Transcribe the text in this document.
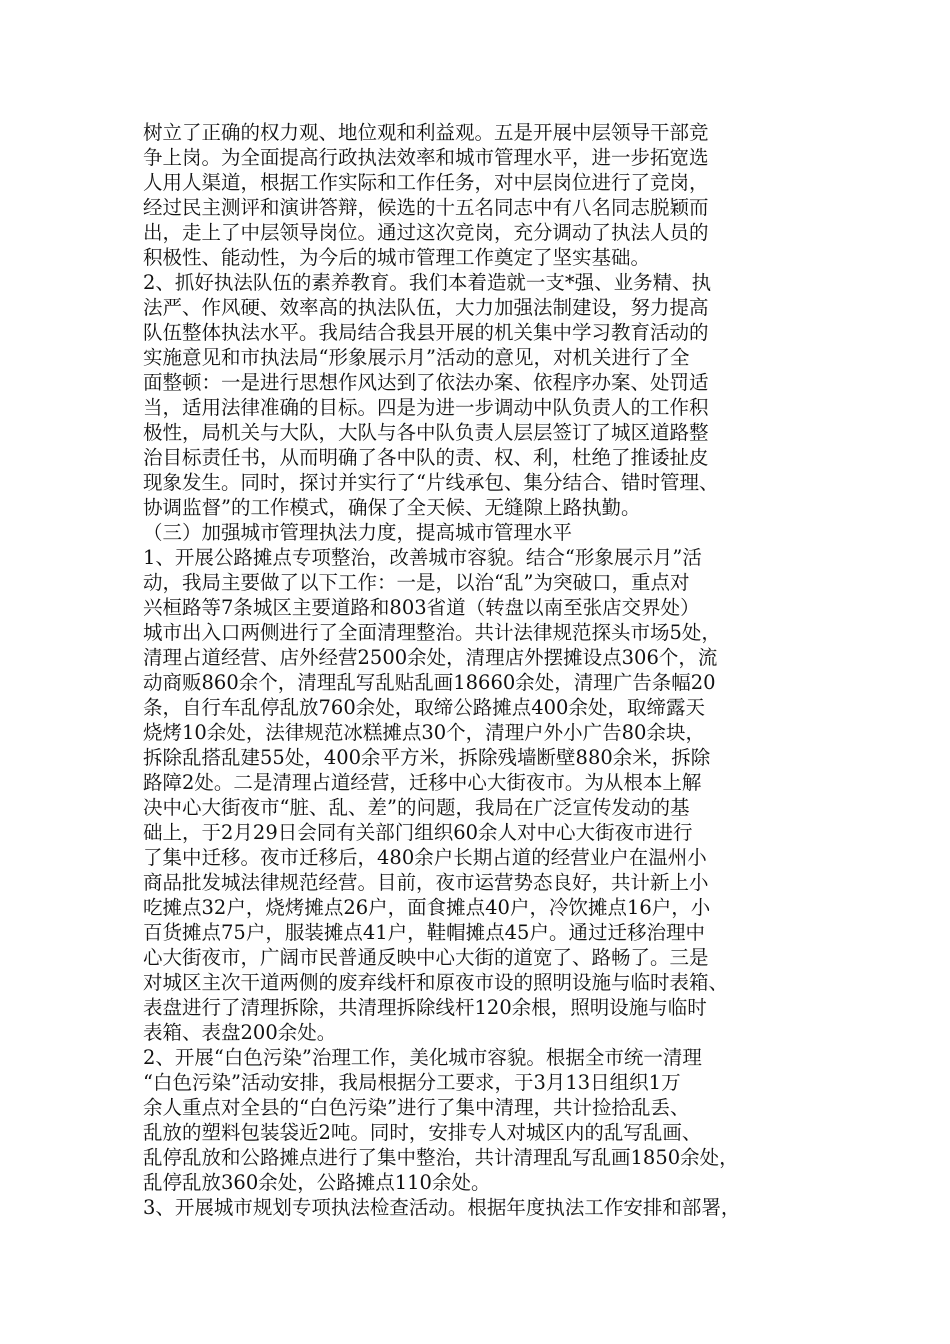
树立了正确的权力观、地位观和利益观。五是开展中层领导干部竞
争上岗。为全面提高行政执法效率和城市管理水平，进一步拓宽选
人用人渠道，根据工作实际和工作任务，对中层岗位进行了竞岗，
经过民主测评和演讲答辩，候选的十五名同志中有八名同志脱颖而
出，走上了中层领导岗位。通过这次竞岗，充分调动了执法人员的
积极性、能动性，为今后的城市管理工作奠定了坚实基础。
2、抓好执法队伍的素养教育。我们本着造就一支*强、业务精、执
法严、作风硬、效率高的执法队伍，大力加强法制建设，努力提高
队伍整体执法水平。我局结合我县开展的机关集中学习教育活动的
实施意见和市执法局“形象展示月”活动的意见，对机关进行了全
面整顿：一是进行思想作风达到了依法办案、依程序办案、处罚适
当，适用法律准确的目标。四是为进一步调动中队负责人的工作积
极性，局机关与大队，大队与各中队负责人层层签订了城区道路整
治目标责任书，从而明确了各中队的责、权、利，杜绝了推诿扯皮
现象发生。同时，探讨并实行了“片线承包、集分结合、错时管理、
协调监督”的工作模式，确保了全天候、无缝隙上路执勤。
（三）加强城市管理执法力度，提高城市管理水平
1、开展公路摊点专项整治，改善城市容貌。结合“形象展示月”活
动，我局主要做了以下工作：一是，以治“乱”为突破口，重点对
兴桓路等7条城区主要道路和803省道（转盘以南至张店交界处）
城市出入口两侧进行了全面清理整治。共计法律规范探头市场5处，
清理占道经营、店外经营2500余处，清理店外摆摊设点306个，流
动商贩860余个，清理乱写乱贴乱画18660余处，清理广告条幅20
条，自行车乱停乱放760余处，取缔公路摊点400余处，取缔露天
烧烤10余处，法律规范冰糕摊点30个，清理户外小广告80余块，
拆除乱搭乱建55处，400余平方米，拆除残墙断壁880余米，拆除
路障2处。二是清理占道经营，迁移中心大街夜市。为从根本上解
决中心大街夜市“脏、乱、差”的问题，我局在广泛宣传发动的基
础上，于2月29日会同有关部门组织60余人对中心大街夜市进行
了集中迁移。夜市迁移后，480余户长期占道的经营业户在温州小
商品批发城法律规范经营。目前，夜市运营势态良好，共计新上小
吃摊点32户，烧烤摊点26户，面食摊点40户，冷饮摊点16户，小
百货摊点75户，服装摊点41户，鞋帽摊点45户。通过迁移治理中
心大街夜市，广阔市民普通反映中心大街的道宽了、路畅了。三是
对城区主次干道两侧的废弃线杆和原夜市设的照明设施与临时表箱、
表盘进行了清理拆除，共清理拆除线杆120余根，照明设施与临时
表箱、表盘200余处。
2、开展“白色污染”治理工作，美化城市容貌。根据全市统一清理
“白色污染”活动安排，我局根据分工要求，于3月13日组织1万
余人重点对全县的“白色污染”进行了集中清理，共计捡拾乱丢、
乱放的塑料包装袋近2吨。同时，安排专人对城区内的乱写乱画、
乱停乱放和公路摊点进行了集中整治，共计清理乱写乱画1850余处，
乱停乱放360余处，公路摊点110余处。
3、开展城市规划专项执法检查活动。根据年度执法工作安排和部署，
